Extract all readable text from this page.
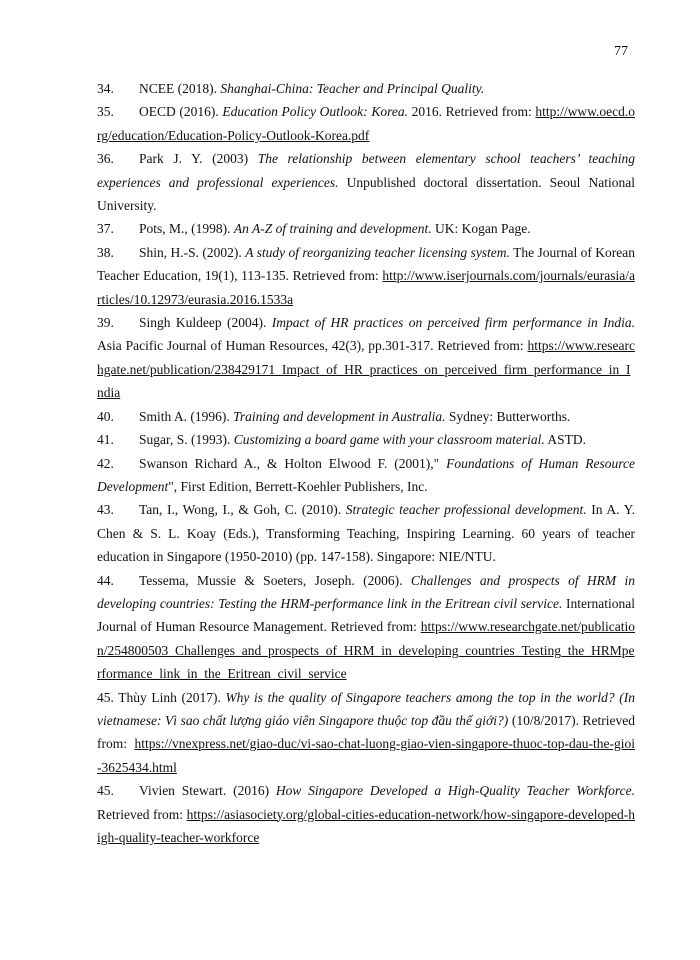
77

34. NCEE (2018). Shanghai-China: Teacher and Principal Quality.

35. OECD (2016). Education Policy Outlook: Korea. 2016. Retrieved from: http://www.oecd.org/education/Education-Policy-Outlook-Korea.pdf

36. Park J. Y. (2003) The relationship between elementary school teachers’ teaching experiences and professional experiences. Unpublished doctoral dissertation. Seoul National University.

37. Pots, M., (1998). An A-Z of training and development. UK: Kogan Page.

38. Shin, H.-S. (2002). A study of reorganizing teacher licensing system. The Journal of Korean Teacher Education, 19(1), 113-135. Retrieved from: http://www.iserjournals.com/journals/eurasia/articles/10.12973/eurasia.2016.1533a

39. Singh Kuldeep (2004). Impact of HR practices on perceived firm performance in India. Asia Pacific Journal of Human Resources, 42(3), pp.301-317. Retrieved from: https://www.researchgate.net/publication/238429171_Impact_of_HR_practices_on_perceived_firm_performance_in_India

40. Smith A. (1996). Training and development in Australia. Sydney: Butterworths.

41. Sugar, S. (1993). Customizing a board game with your classroom material. ASTD.

42. Swanson Richard A., & Holton Elwood F. (2001)," Foundations of Human Resource Development", First Edition, Berrett-Koehler Publishers, Inc.

43. Tan, I., Wong, I., & Goh, C. (2010). Strategic teacher professional development. In A. Y. Chen & S. L. Koay (Eds.), Transforming Teaching, Inspiring Learning. 60 years of teacher education in Singapore (1950-2010) (pp. 147-158). Singapore: NIE/NTU.

44. Tessema, Mussie & Soeters, Joseph. (2006). Challenges and prospects of HRM in developing countries: Testing the HRM-performance link in the Eritrean civil service. International Journal of Human Resource Management. Retrieved from: https://www.researchgate.net/publication/254800503_Challenges_and_prospects_of_HRM_in_developing_countries_Testing_the_HRMperformance_link_in_the_Eritrean_civil_service

45. Thùy Linh (2017). Why is the quality of Singapore teachers among the top in the world? (In vietnamese: Vì sao chất lượng giáo viên Singapore thuộc top đầu thế giới?) (10/8/2017). Retrieved from: https://vnexpress.net/giao-duc/vi-sao-chat-luong-giao-vien-singapore-thuoc-top-dau-the-gioi-3625434.html

45. Vivien Stewart. (2016) How Singapore Developed a High-Quality Teacher Workforce. Retrieved from: https://asiasociety.org/global-cities-education-network/how-singapore-developed-high-quality-teacher-workforce
